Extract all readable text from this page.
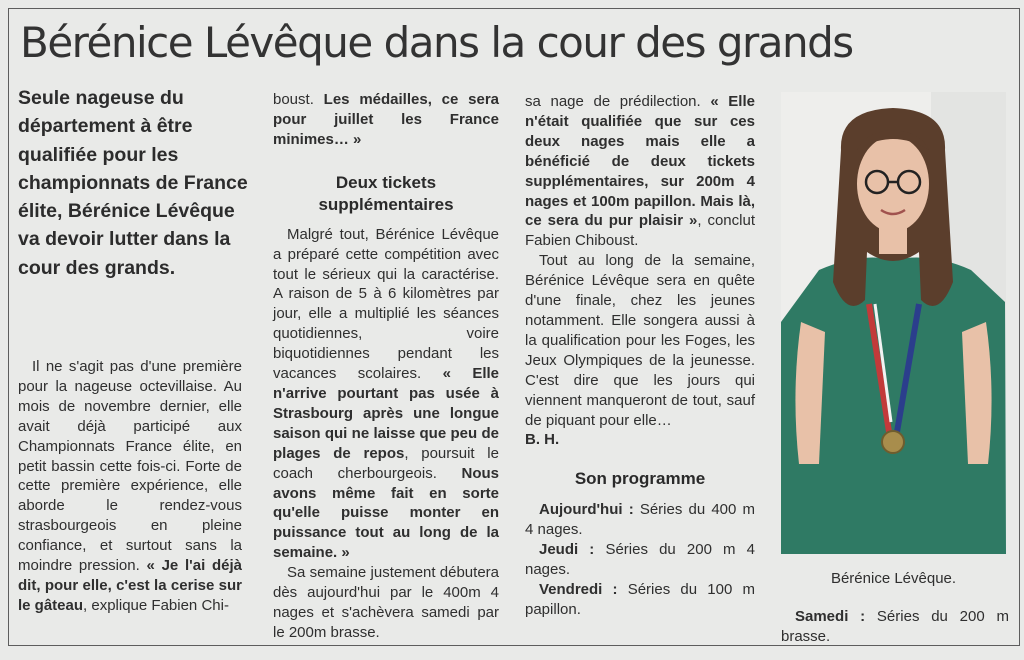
Bérénice Lévêque dans la cour des grands

Seule nageuse du département à être qualifiée pour les championnats de France élite, Bérénice Lévêque va devoir lutter dans la cour des grands.

Il ne s'agit pas d'une première pour la nageuse octevillaise. Au mois de novembre dernier, elle avait déjà participé aux Championnats France élite, en petit bassin cette fois-ci. Forte de cette première expérience, elle aborde le rendez-vous strasbourgeois en pleine confiance, et surtout sans la moindre pression. « Je l'ai déjà dit, pour elle, c'est la cerise sur le gâteau, explique Fabien Chi-

boust. Les médailles, ce sera pour juillet les France minimes… »

Deux tickets supplémentaires

Malgré tout, Bérénice Lévêque a préparé cette compétition avec tout le sérieux qui la caractérise. A raison de 5 à 6 kilomètres par jour, elle a multiplié les séances quotidiennes, voire biquotidiennes pendant les vacances scolaires. « Elle n'arrive pourtant pas usée à Strasbourg après une longue saison qui ne laisse que peu de plages de repos, poursuit le coach cherbourgeois. Nous avons même fait en sorte qu'elle puisse monter en puissance tout au long de la semaine. »

Sa semaine justement débutera dès aujourd'hui par le 400m 4 nages et s'achèvera samedi par le 200m brasse.

sa nage de prédilection. « Elle n'était qualifiée que sur ces deux nages mais elle a bénéficié de deux tickets supplémentaires, sur 200m 4 nages et 100m papillon. Mais là, ce sera du pur plaisir », conclut Fabien Chiboust.

Tout au long de la semaine, Bérénice Lévêque sera en quête d'une finale, chez les jeunes notamment. Elle songera aussi à la qualification pour les Foges, les Jeux Olympiques de la jeunesse. C'est dire que les jours qui viennent manqueront de tout, sauf de piquant pour elle…

B. H.

Son programme

Aujourd'hui : Séries du 400 m 4 nages.

Jeudi : Séries du 200 m 4 nages.

Vendredi : Séries du 100 m papillon.

Bérénice Lévêque.

Samedi : Séries du 200 m brasse.
